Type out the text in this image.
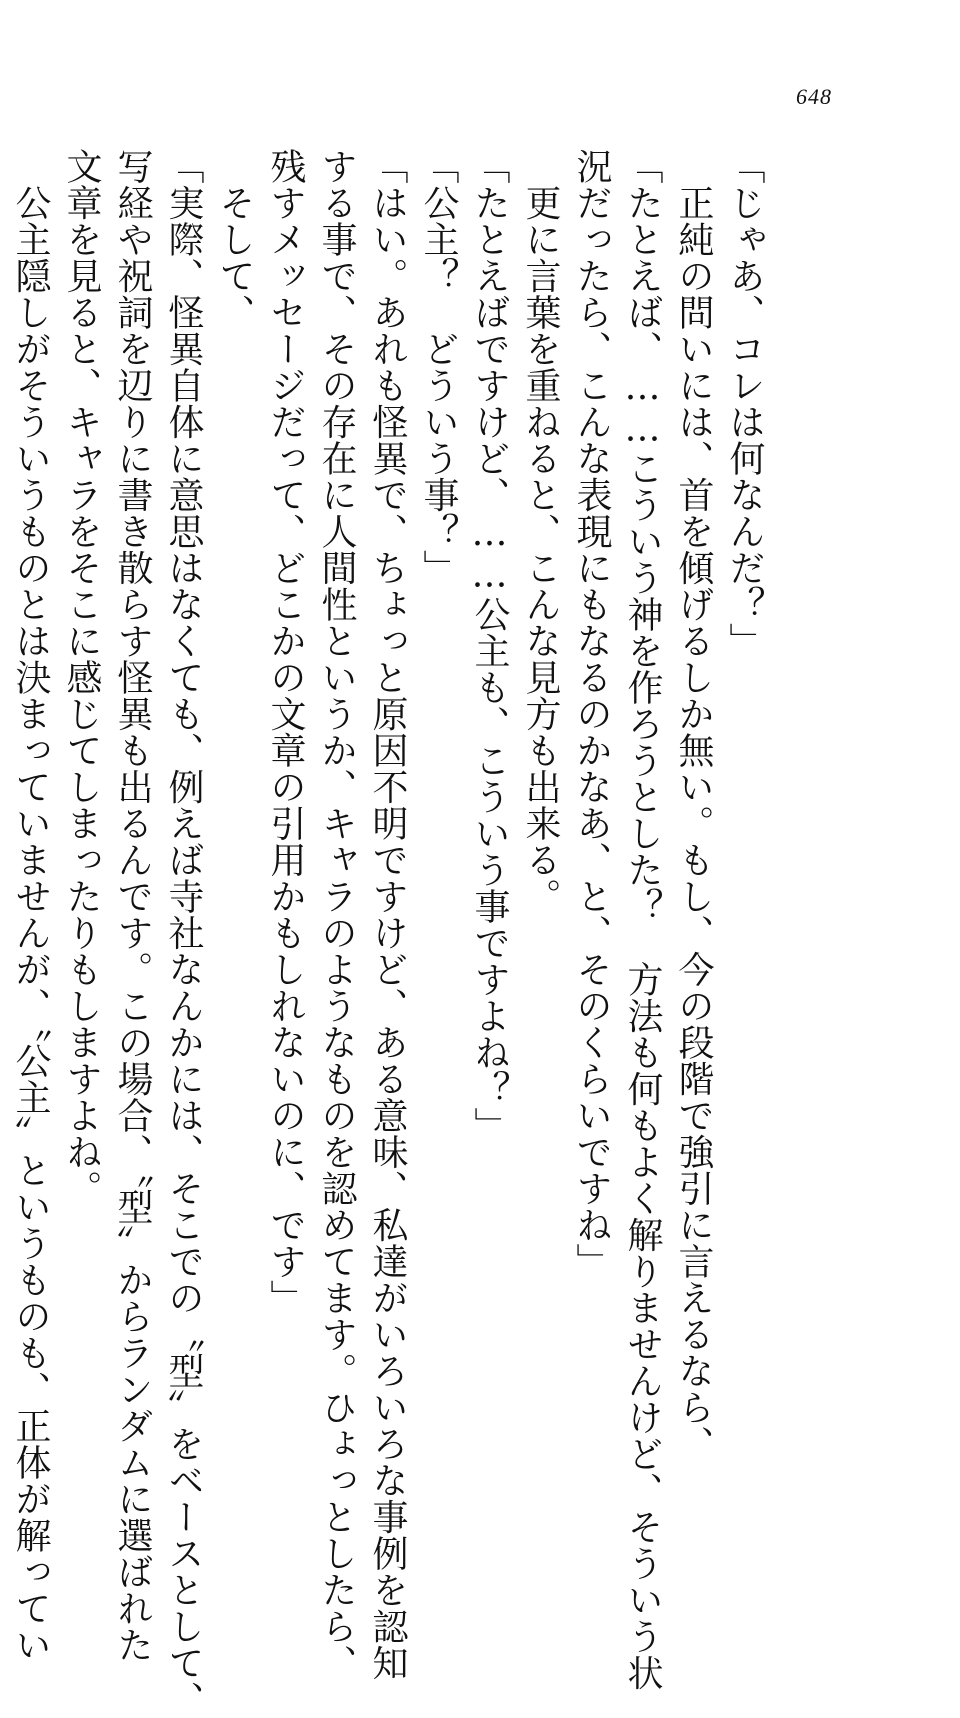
648
「じゃあ、コレは何なんだ？」
　正純の問いには、首を傾げるしか無い。もし、今の段階で強引に言えるなら、
「たとえば、……こういう神を作ろうとした？　方法も何もよく解りませんけど、そういう状
況だったら、こんな表現にもなるのかなあ、と、そのくらいですね」
　更に言葉を重ねると、こんな見方も出来る。
「たとえばですけど、……公主も、こういう事ですよね？」
「公主？　どういう事？」
「はい。あれも怪異で、ちょっと原因不明ですけど、ある意味、私達がいろいろな事例を認知
する事で、その存在に人間性というか、キャラのようなものを認めてます。ひょっとしたら、
残すメッセージだって、どこかの文章の引用かもしれないのに、です」
　そして、
「実際、怪異自体に意思はなくても、例えば寺社なんかには、そこでの〝型〟をベースとして、
写経や祝詞を辺りに書き散らす怪異も出るんです。この場合、〝型〟からランダムに選ばれた
文章を見ると、キャラをそこに感じてしまったりもしますよね。
　公主隠しがそういうものとは決まっていませんが、〝公主〟というものも、正体が解ってい
